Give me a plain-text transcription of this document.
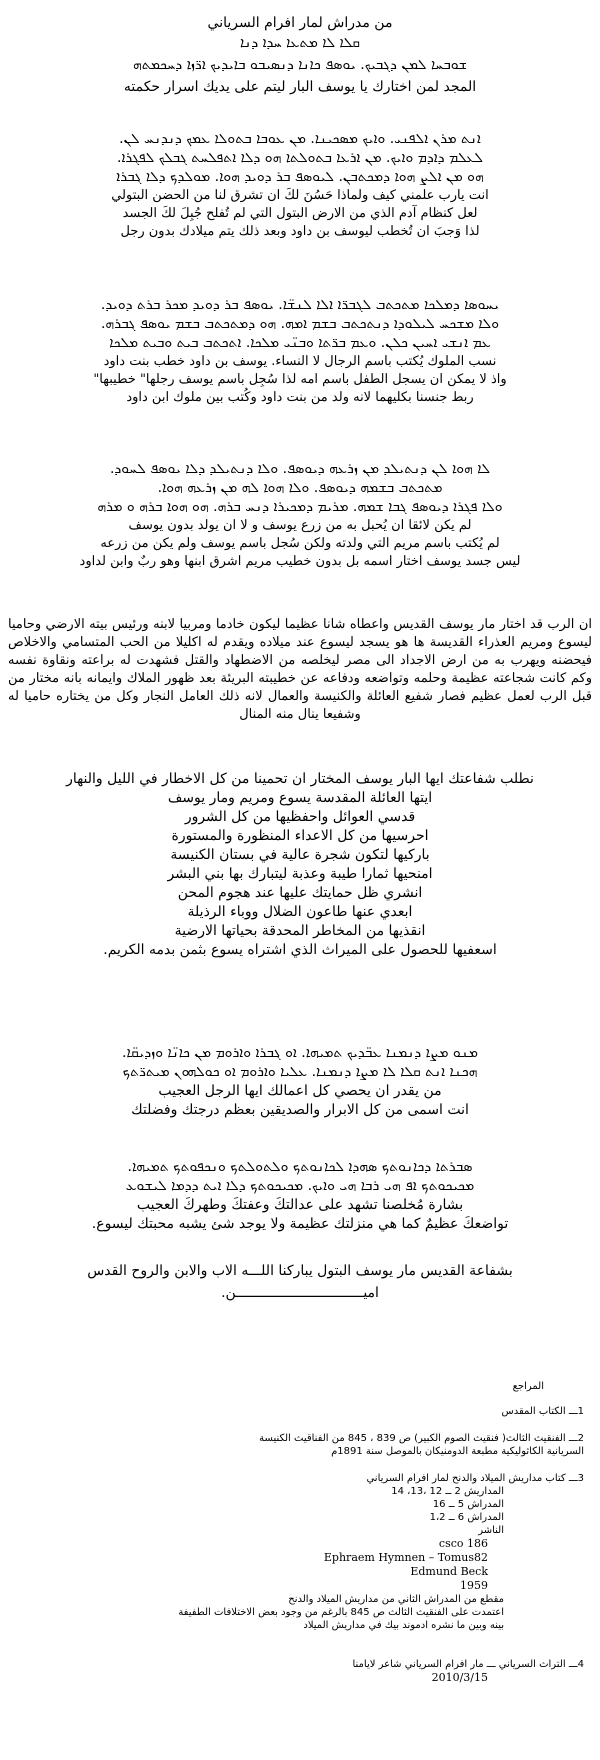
من مدراش لمار افرام السرياني
ܩܠܐ ܠܐ ܡܬܥܐ ܚܕܐ ܕܢܐ
ܫܘܒܚܐ ܠܡܢ ܕܓܒܝܟ. ܝܘܣܦ ܟܐܢܐ ܕܢܣܝܒܘ ܒܐܝܕܝܟ ܐܪ̈ܙܐ ܕܚܟܡܬܗ
المجد لمن اختارك يا يوسف البار ليتم على يديك اسرار حكمته
ܐܢܬ ܡܪܢ ܐܠܦܢܝ. ܘܐܝܟ ܡܣܟܝܢܐ. ܡܢ ܥܘܒܐ ܒܬܘܠܐ ܥܡܟ ܕܢܕܢܚ ܠܢ.
ܠܥܠܡ ܕܐܕܡ ܘܐܝܟ. ܡܢ ܐܪܥܐ ܒܬܘܠܬܐ ܗܘ ܕܠܐ ܐܬܦܠܚܬ ܓܒܠܟ ܠܦܓܪܐ.
ܗܘ ܡܢ ܐܠܨ ܗܘܐ ܕܡܟܬܒܢ. ܠܝܘܣܦ ܒܪ ܕܘܝܕ ܗܘܐ. ܡܘܠܕܟ ܕܠܐ ܓܒܪܐ
انت يارب علمني كيف ولماذا حَسُنَ لكَ ان تشرق لنا من الحضن البتولي
لعل كنظام آدم الذي من الارض البتول التي لم تُفلح جُبِلَ لكَ الجسد
لذا وَجبَ ان تُخطب ليوسف بن داود وبعد ذلك يتم ميلادك بدون رجل
ܝܚܘܣܐ ܕܡܠܟܐ ܡܬܟܬܒ ܠܓܒܪ̈ܐ ܐܠܐ ܠܢܫ̈ܐ. ܝܘܣܦ ܒܪ ܕܘܝܕ ܡܟܪ ܒܪܬ ܕܘܝܕ.
ܘܠܐ ܡܫܟܚ ܠܝܠܘܕܐ ܕܢܬܟܬܒ ܒܫܡ ܐܡܗ. ܗܘ ܕܡܬܟܬܒ ܒܫܡ ܝܘܣܦ ܓܒܪܗ.
ܥܡ ܐܢܫܝ ܐܚܝܢ ܟܠܢ. ܘܥܡ ܒܪ̈ܬܐ ܘܒܢ̈ܝ ܡܠܟܐ. ܐܬܟܬܒ ܒܝܬ ܘܒܝܬ ܡܠܟܐ
نسب الملوك يُكتب باسم الرجال لا النساء. يوسف بن داود خطب بنت داود
واذ لا يمكن ان يسجل الطفل باسم امه لذا سُجِل باسم يوسف رجلها" خطيبها"
ربط جنسنا بكليهما لانه ولد من بنت داود وكُتب بين ملوك ابن داود
ܠܐ ܗܘܐ ܠܢ ܕܢܬܝܠܕ ܡܢ ܙܪܥܗ ܕܝܘܣܦ. ܘܠܐ ܕܢܬܝܠܕ ܕܠܐ ܝܘܣܦ ܠܚܘܕ.
ܡܬܟܬܒ ܒܫܡܗ ܕܝܘܣܦ. ܘܠܐ ܗܘܐ ܠܗ ܡܢ ܙܪܥܗ ܗܘܐ.
ܘܠܐ ܦܓܪܐ ܕܝܘܣܦ ܓܒܐ ܫܡܗ. ܡܪܝܡ ܕܡܟܝܪܐ ܕܢܚ ܒܪܗ. ܗܘ ܗܘܐ ܒܪܗ ܘ ܡܪܗ
لم يكن لائقا ان يُحبل به من زرع يوسف و لا ان يولد بدون يوسف
لم يُكتب باسم مريم التي ولدته ولكن سُجل باسم يوسف ولم يكن من زرعه
ليس جسد يوسف اختار اسمه بل بدون خطيب مريم اشرق ابنها وهو ربٌ وابن لداود
ان الرب قد اختار مار يوسف القديس واعطاه شانا عظيما ليكون خادما ومربيا لابنه ورئيس بيته الارضي وحاميا ليسوع ومريم العذراء القديسة ها هو يسجد ليسوع عند ميلاده ويقدم له اكليلا من الحب المتسامي والاخلاص فيحضنه ويهرب به من ارض الاجداد الى مصر ليخلصه من الاضطهاد والقتل فشهدت له براعته ونقاوة نفسه وكم كانت شجاعته عظيمة وحلمه وتواضعه ودفاعه عن خطيبته البريئة بعد ظهور الملاك وايمانه بانه مختار من قبل الرب لعمل عظيم فصار شفيع العائلة والكنيسة والعمال لانه ذلك العامل النجار وكل من يختاره حاميا له وشفيعا ينال منه المنال
نطلب شفاعتك ايها البار يوسف المختار ان تحمينا من كل الاخطار في الليل والنهار
ايتها العائلة المقدسة يسوع ومريم ومار يوسف
قدسي العوائل واحفظيها من كل الشرور
احرسيها من كل الاعداء المنظورة والمستورة
باركيها لتكون شجرة عالية في بستان الكنيسة
امنحيها ثمارا طيبة وعذبة ليتبارك بها بني البشر
انشري ظل حمايتك عليها عند هجوم المحن
ابعدي عنها طاعون الضلال ووباء الرذيلة
انقذيها من المخاطر المحدقة بحياتها الارضية
اسعفيها للحصول على الميراث الذي اشتراه يسوع بثمن بدمه الكريم.
ܡܢܘ ܡܨܐ ܕܢܡܢܐ ܥܒ̈ܕܝܟ ܬܡܝܗܐ. ܐܘ ܓܒܪܐ ܘܐܪܘܡ ܡܢ ܟܐܢ̈ܐ ܘܙܕܝܩ̈ܐ.
ܗܟܢܐ ܐܢܬ ܩܠܐ ܠܐ ܡܨܐ ܕܢܡܢܐ. ܥܠܝܐ ܘܐܪܘܡ ܐܘ ܟܘܠܗܘܢ ܡܝܬܪ̈ܬܟ
من يقدر ان يحصي كل اعمالك ايها الرجل العجيب
انت اسمى من كل الابرار والصديقين بعظم درجتك وفضلتك
ܣܒܪܬܐ ܕܟܐܢܘܬܟ ܣܗܕܐ ܠܟܐܢܘܬܟ ܘܠܬܘܠܬܟ ܘܢܟܦܘܬܟ ܬܡܝܗܐ.
ܡܟܝܟܘܬܟ ܐܦ ܗܝ ܪܒܐ ܗܝ ܘܐܝܟ. ܡܟܝܟܘܬܟ ܕܠܐ ܐܝܬ ܕܕܡܐ ܠܝܫܘܥ
بشارة مُخلصنا تشهد على عدالتكَ وعفتكَ وطهركَ العجيب
تواضعكَ عظيمٌ كما هي منزلتك عظيمة ولا يوجد شئ يشبه محبتك ليسوع.
بشفاعة القديس مار يوسف البتول يباركنا اللـــه الاب والابن والروح القدس
اميـــــــــــــــــــــــــــــــن.
المراجع
1ـــ الكتاب المقدس
2ـــ الفنقيث الثالث( فنقيث الصوم الكبير) ص 839 ، 845 من الفناقيث الكنيسة
السريانية الكاثوليكية مطبعة الدومنيكان بالموصل سنة 1891م
3ـــ كتاب مداريش الميلاد والدنح لمار افرام السرياني
المداريش 2 ــ 12 ،13، 14
المدراش 5 ــ 16
المدراش 6 ــ 1،2
الناشر
csco 186
Ephraem Hymnen – Tomus82
Edmund Beck
1959
مقطع من المدراش الثاني من مداريش الميلاد والدنح
اعتمدت على الفنقيث الثالث ص 845 بالرغم من وجود بعض الاختلافات الطفيفة
بينه وبين ما نشره ادموند بيك في مداريش الميلاد
4ـــ التراث السرياني ـــ مار افرام السرياني شاعر لايامنا
2010/3/15
